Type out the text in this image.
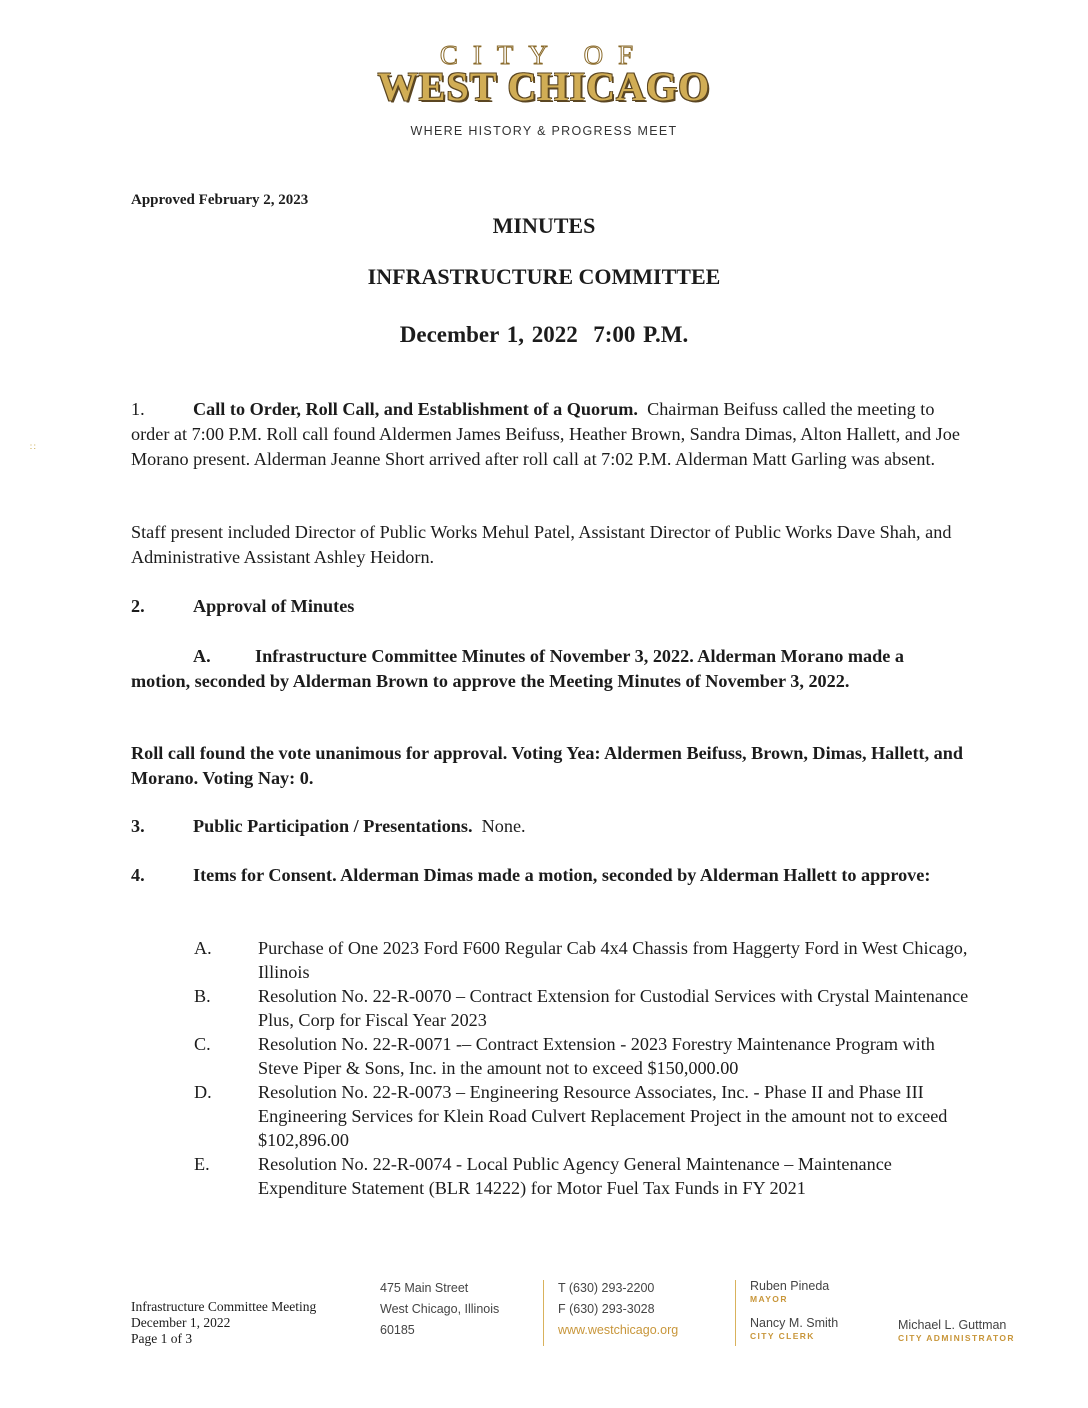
CITY OF
WEST CHICAGO
WHERE HISTORY & PROGRESS MEET
Approved February 2, 2023
MINUTES
INFRASTRUCTURE COMMITTEE
December 1, 2022  7:00 P.M.
∷
1.	Call to Order, Roll Call, and Establishment of a Quorum. Chairman Beifuss called the meeting to order at 7:00 P.M. Roll call found Aldermen James Beifuss, Heather Brown, Sandra Dimas, Alton Hallett, and Joe Morano present. Alderman Jeanne Short arrived after roll call at 7:02 P.M. Alderman Matt Garling was absent.
Staff present included Director of Public Works Mehul Patel, Assistant Director of Public Works Dave Shah, and Administrative Assistant Ashley Heidorn.
2.	Approval of Minutes
A. Infrastructure Committee Minutes of November 3, 2022. Alderman Morano made a motion, seconded by Alderman Brown to approve the Meeting Minutes of November 3, 2022.
Roll call found the vote unanimous for approval. Voting Yea: Aldermen Beifuss, Brown, Dimas, Hallett, and Morano. Voting Nay: 0.
3.	Public Participation / Presentations. None.
4.	Items for Consent. Alderman Dimas made a motion, seconded by Alderman Hallett to approve:
A.	Purchase of One 2023 Ford F600 Regular Cab 4x4 Chassis from Haggerty Ford in West Chicago, Illinois
B.	Resolution No. 22-R-0070 – Contract Extension for Custodial Services with Crystal Maintenance Plus, Corp for Fiscal Year 2023
C.	Resolution No. 22-R-0071 -– Contract Extension - 2023 Forestry Maintenance Program with Steve Piper & Sons, Inc. in the amount not to exceed $150,000.00
D.	Resolution No. 22-R-0073 – Engineering Resource Associates, Inc. - Phase II and Phase III Engineering Services for Klein Road Culvert Replacement Project in the amount not to exceed $102,896.00
E.	Resolution No. 22-R-0074 - Local Public Agency General Maintenance – Maintenance Expenditure Statement (BLR 14222) for Motor Fuel Tax Funds in FY 2021
Infrastructure Committee Meeting
December 1, 2022
Page 1 of 3
475 Main Street
West Chicago, Illinois
60185
T (630) 293-2200
F (630) 293-3028
www.westchicago.org
Ruben Pineda
MAYOR
Nancy M. Smith
CITY CLERK
Michael L. Guttman
CITY ADMINISTRATOR
